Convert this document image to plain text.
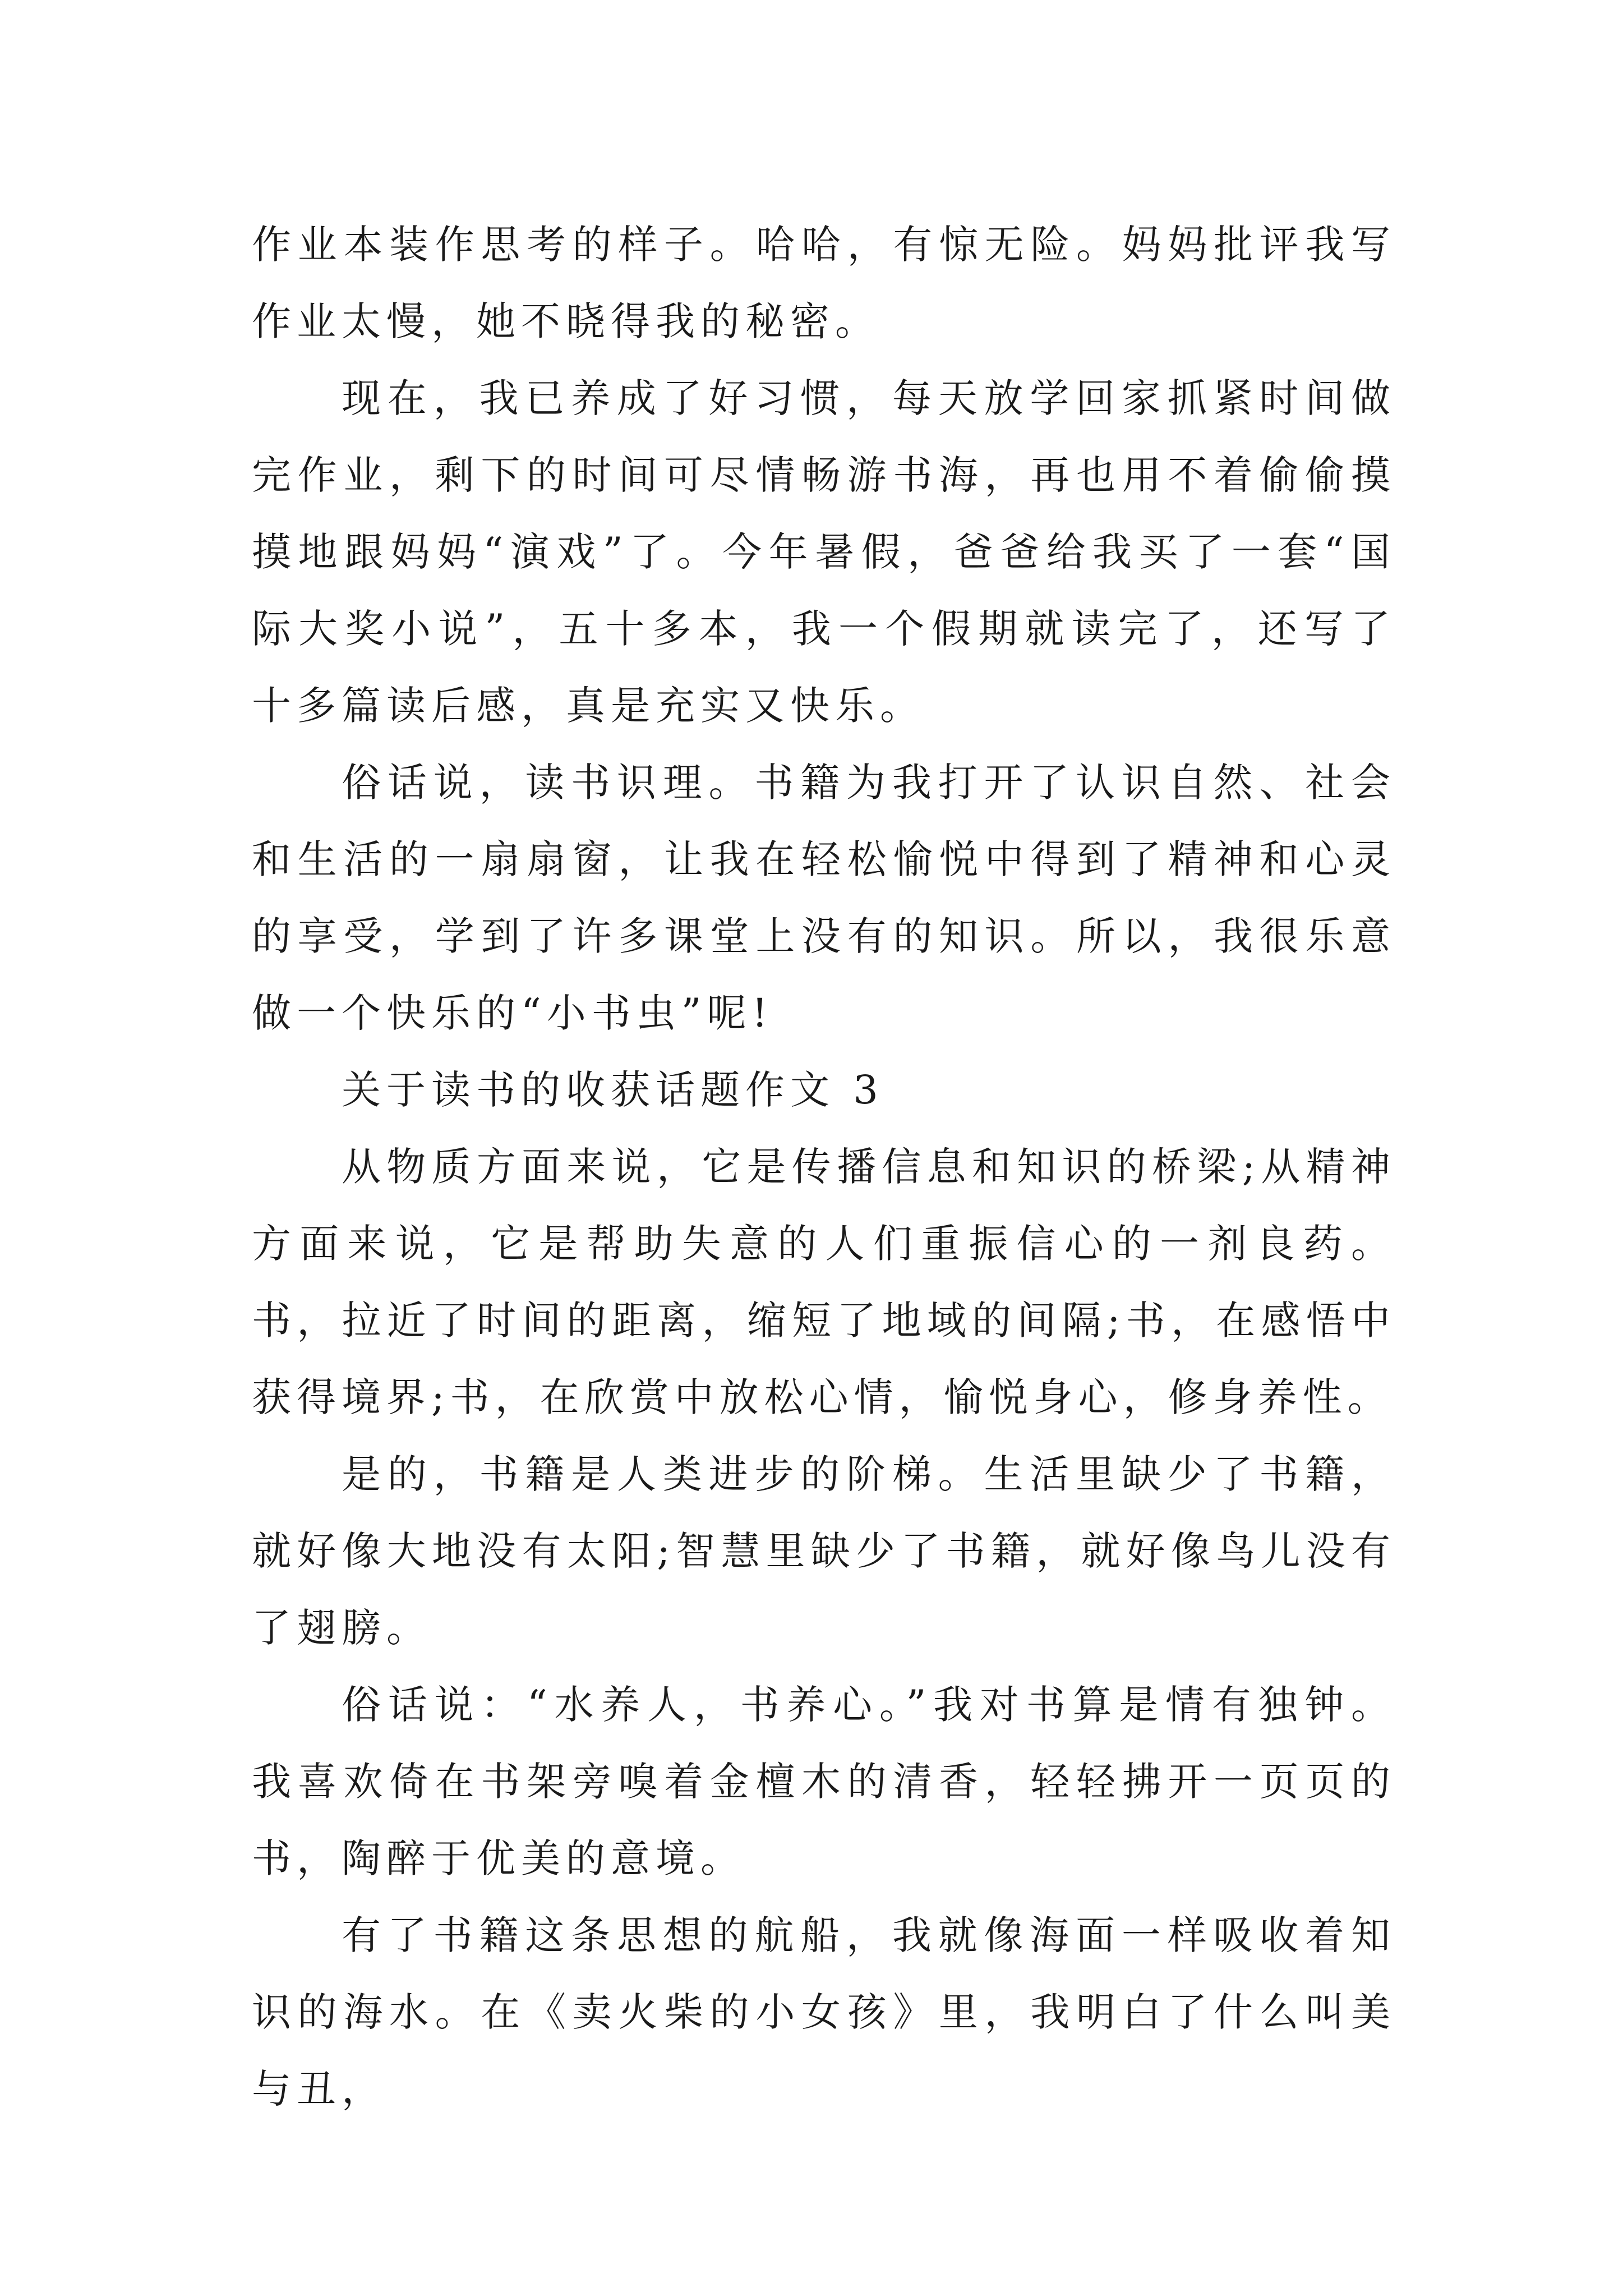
作业本装作思考的样子。哈哈，有惊无险。妈妈批评我写作业太慢，她不晓得我的秘密。

现在，我已养成了好习惯，每天放学回家抓紧时间做完作业，剩下的时间可尽情畅游书海，再也用不着偷偷摸摸地跟妈妈“演戏”了。今年暑假，爸爸给我买了一套“国际大奖小说”，五十多本，我一个假期就读完了，还写了十多篇读后感，真是充实又快乐。

俗话说，读书识理。书籍为我打开了认识自然、社会和生活的一扇扇窗，让我在轻松愉悦中得到了精神和心灵的享受，学到了许多课堂上没有的知识。所以，我很乐意做一个快乐的“小书虫”呢!

关于读书的收获话题作文 3

从物质方面来说，它是传播信息和知识的桥梁;从精神方面来说，它是帮助失意的人们重振信心的一剂良药。书，拉近了时间的距离，缩短了地域的间隔;书，在感悟中获得境界;书，在欣赏中放松心情，愉悦身心，修身养性。

是的，书籍是人类进步的阶梯。生活里缺少了书籍，就好像大地没有太阳;智慧里缺少了书籍，就好像鸟儿没有了翅膀。

俗话说：“水养人，书养心。”我对书算是情有独钟。我喜欢倚在书架旁嗅着金檀木的清香，轻轻拂开一页页的书，陶醉于优美的意境。

有了书籍这条思想的航船，我就像海面一样吸收着知识的海水。在《卖火柴的小女孩》里，我明白了什么叫美与丑，
